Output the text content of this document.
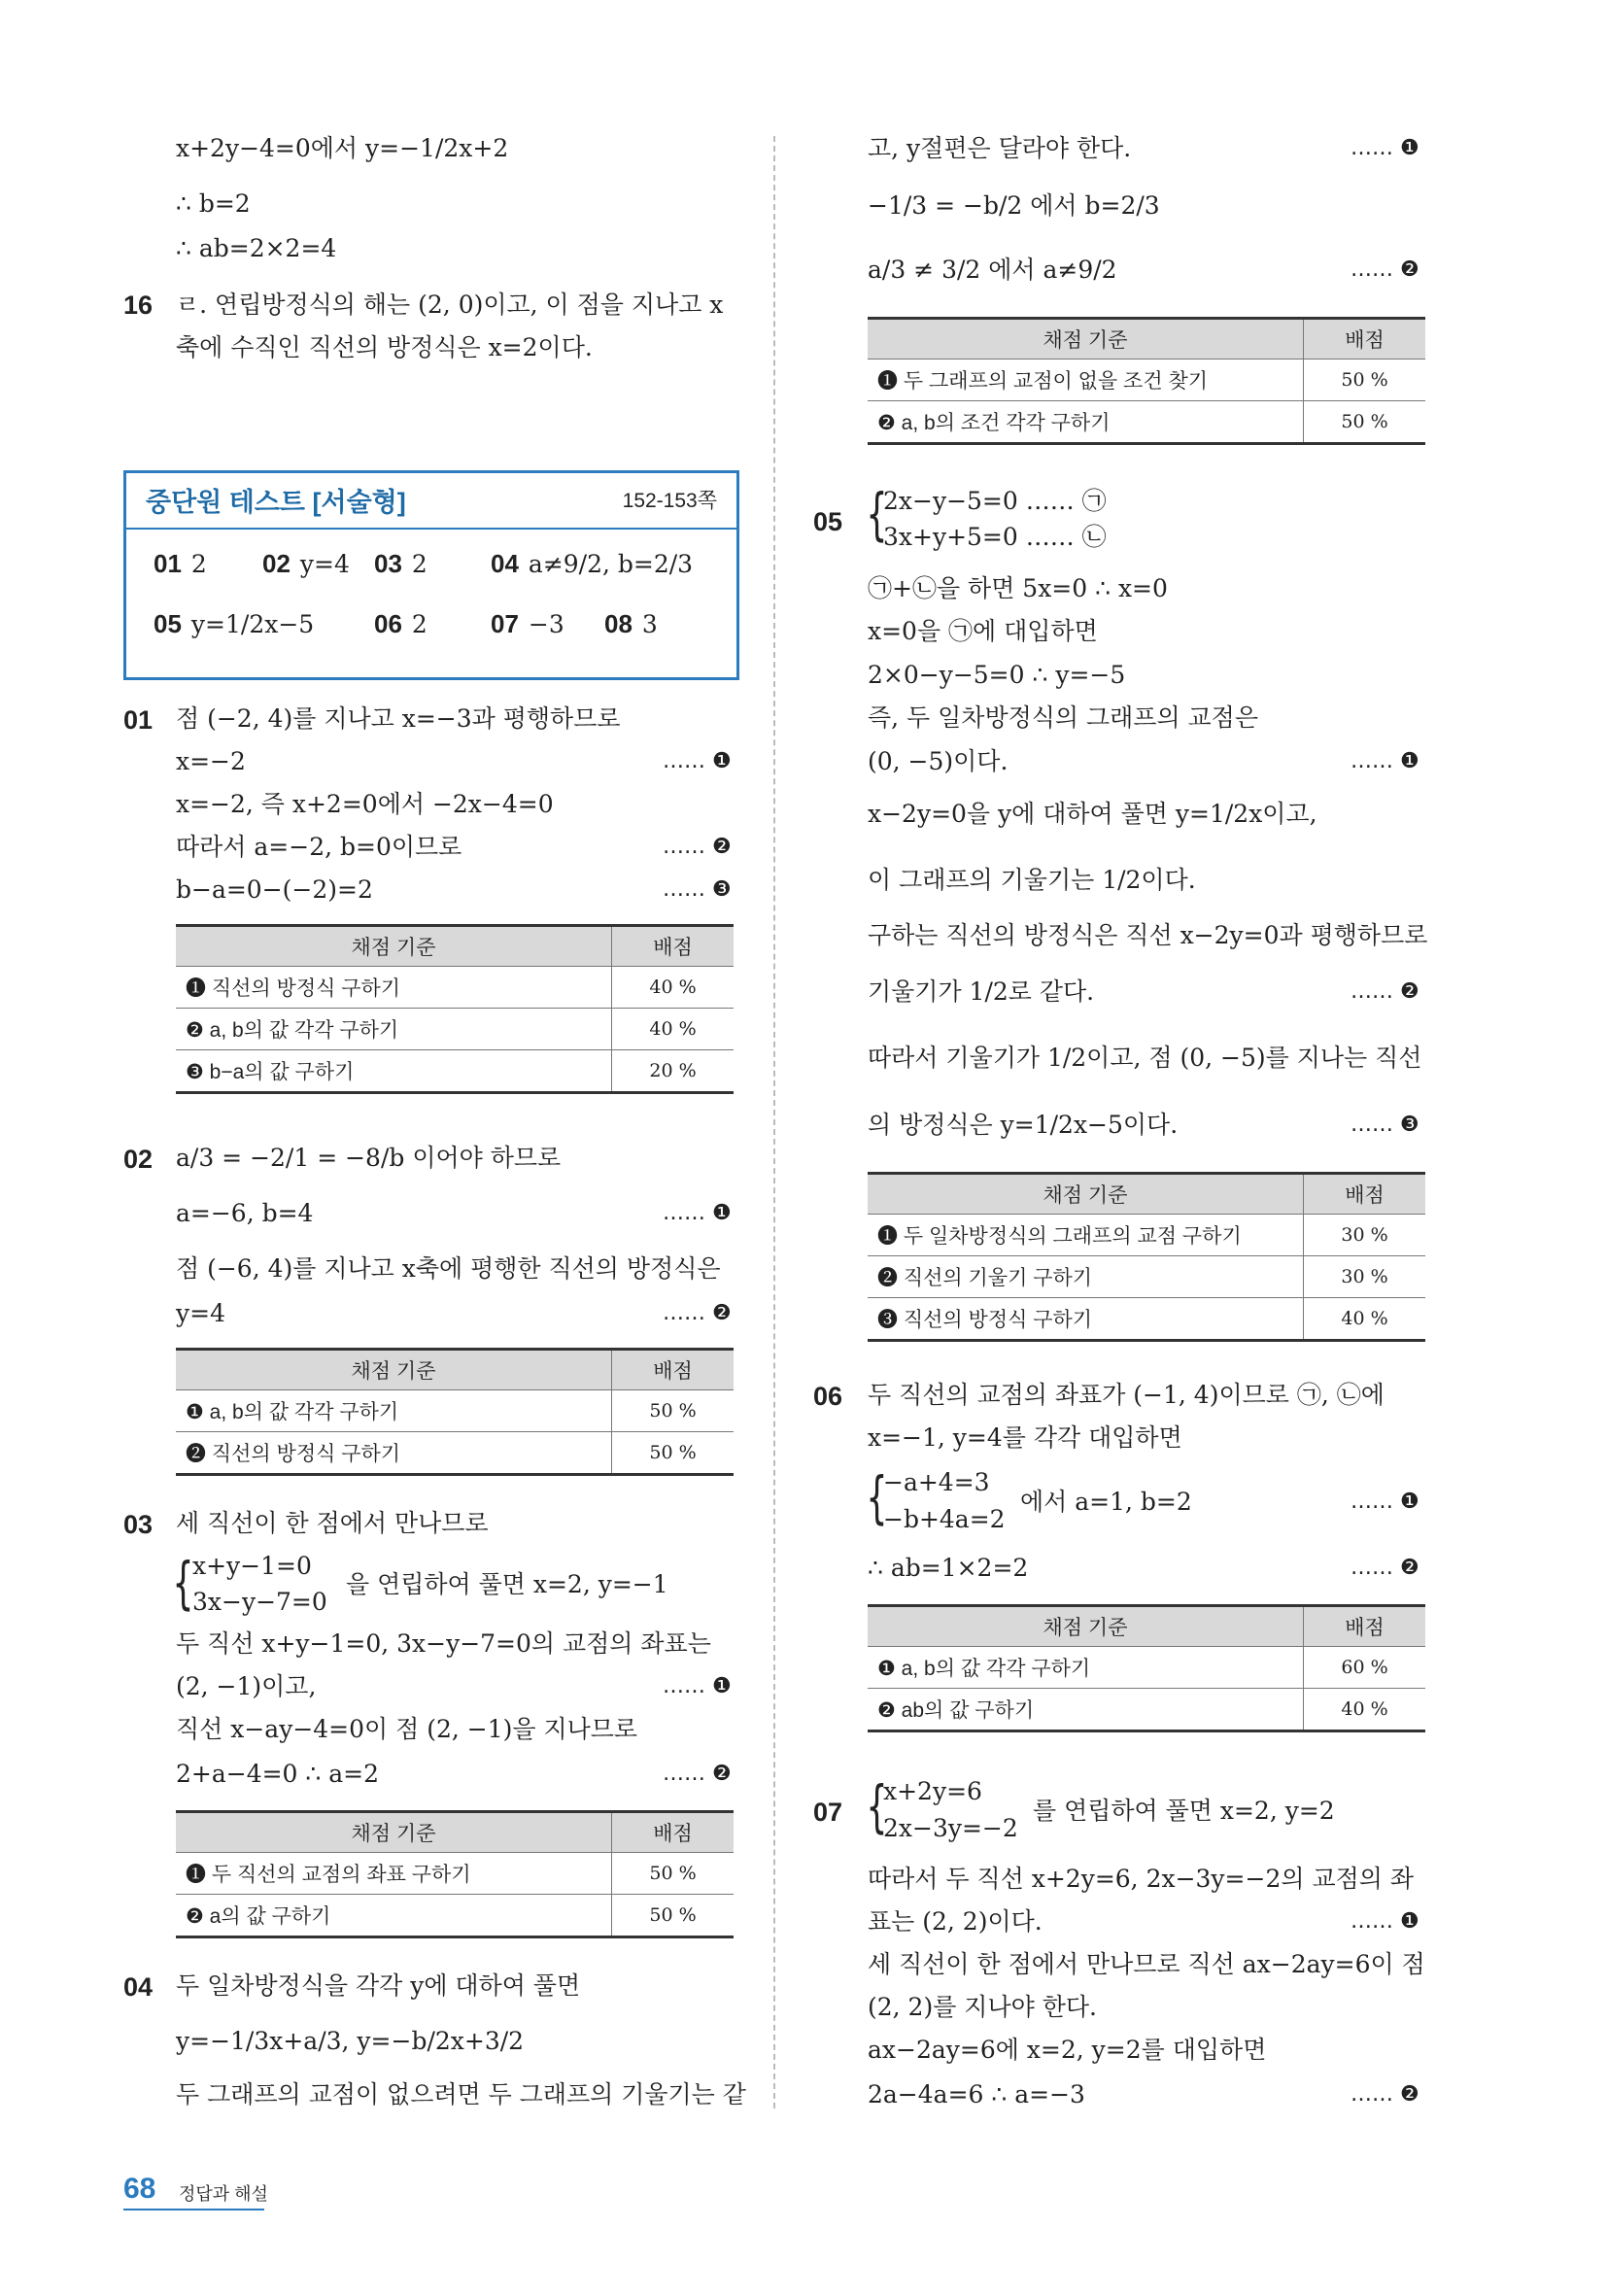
x+2y−4=0에서 y=−1/2x+2
∴ b=2
∴ ab=2×2=4
16 ㄹ. 연립방정식의 해는 (2, 0)이고, 이 점을 지나고 x
축에 수직인 직선의 방정식은 x=2이다.
중단원 테스트 [서술형]	152-153쪽
01 2 02 y=4 03 2	04 a≠9/2, b=2/3
05 y=1/2x−5 06 2	07 −3 08 3
01 점 (−2, 4)를 지나고 x=−3과 평행하므로
x=−2	…… ❶
x=−2, 즉 x+2=0에서 −2x−4=0
따라서 a=−2, b=0이므로	…… ❷
b−a=0−(−2)=2	…… ❸
채점 기준	배점
❶ 직선의 방정식 구하기	40 %
❷ a, b의 값 각각 구하기	40 %
❸ b−a의 값 구하기	20 %
02 a/3 = −2/1 = −8/b 이어야 하므로
a=−6, b=4	…… ❶
점 (−6, 4)를 지나고 x축에 평행한 직선의 방정식은
y=4	…… ❷
채점 기준	배점
❶ a, b의 값 각각 구하기	50 %
❷ 직선의 방정식 구하기	50 %
03 세 직선이 한 점에서 만나므로
{
x+y−1=0
3x−y−7=0
을 연립하여 풀면 x=2, y=−1
두 직선 x+y−1=0, 3x−y−7=0의 교점의 좌표는
(2, −1)이고,	…… ❶
직선 x−ay−4=0이 점 (2, −1)을 지나므로
2+a−4=0 ∴ a=2	…… ❷
채점 기준	배점
❶ 두 직선의 교점의 좌표 구하기	50 %
❷ a의 값 구하기	50 %
04 두 일차방정식을 각각 y에 대하여 풀면
y=−1/3x+a/3, y=−b/2x+3/2
두 그래프의 교점이 없으려면 두 그래프의 기울기는 같
고, y절편은 달라야 한다.	…… ❶
−1/3 = −b/2 에서 b=2/3
a/3 ≠ 3/2 에서 a≠9/2	…… ❷
채점 기준	배점
❶ 두 그래프의 교점이 없을 조건 찾기	50 %
❷ a, b의 조건 각각 구하기	50 %
05 {
2x−y−5=0 …… ㉠
3x+y+5=0 …… ㉡
㉠+㉡을 하면 5x=0 ∴ x=0
x=0을 ㉠에 대입하면
2×0−y−5=0 ∴ y=−5
즉, 두 일차방정식의 그래프의 교점은
(0, −5)이다.	…… ❶
x−2y=0을 y에 대하여 풀면 y=1/2x이고,
이 그래프의 기울기는 1/2이다.
구하는 직선의 방정식은 직선 x−2y=0과 평행하므로
기울기가 1/2로 같다.	…… ❷
따라서 기울기가 1/2이고, 점 (0, −5)를 지나는 직선
의 방정식은 y=1/2x−5이다.	…… ❸
채점 기준	배점
❶ 두 일차방정식의 그래프의 교점 구하기	30 %
❷ 직선의 기울기 구하기	30 %
❸ 직선의 방정식 구하기	40 %
06 두 직선의 교점의 좌표가 (−1, 4)이므로 ㉠, ㉡에
x=−1, y=4를 각각 대입하면
{
−a+4=3
−b+4a=2
에서 a=1, b=2	…… ❶
∴ ab=1×2=2	…… ❷
채점 기준	배점
❶ a, b의 값 각각 구하기	60 %
❷ ab의 값 구하기	40 %
07 {
x+2y=6
2x−3y=−2
를 연립하여 풀면 x=2, y=2
따라서 두 직선 x+2y=6, 2x−3y=−2의 교점의 좌
표는 (2, 2)이다.	…… ❶
세 직선이 한 점에서 만나므로 직선 ax−2ay=6이 점
(2, 2)를 지나야 한다.
ax−2ay=6에 x=2, y=2를 대입하면
2a−4a=6 ∴ a=−3	…… ❷
68 정답과 해설
